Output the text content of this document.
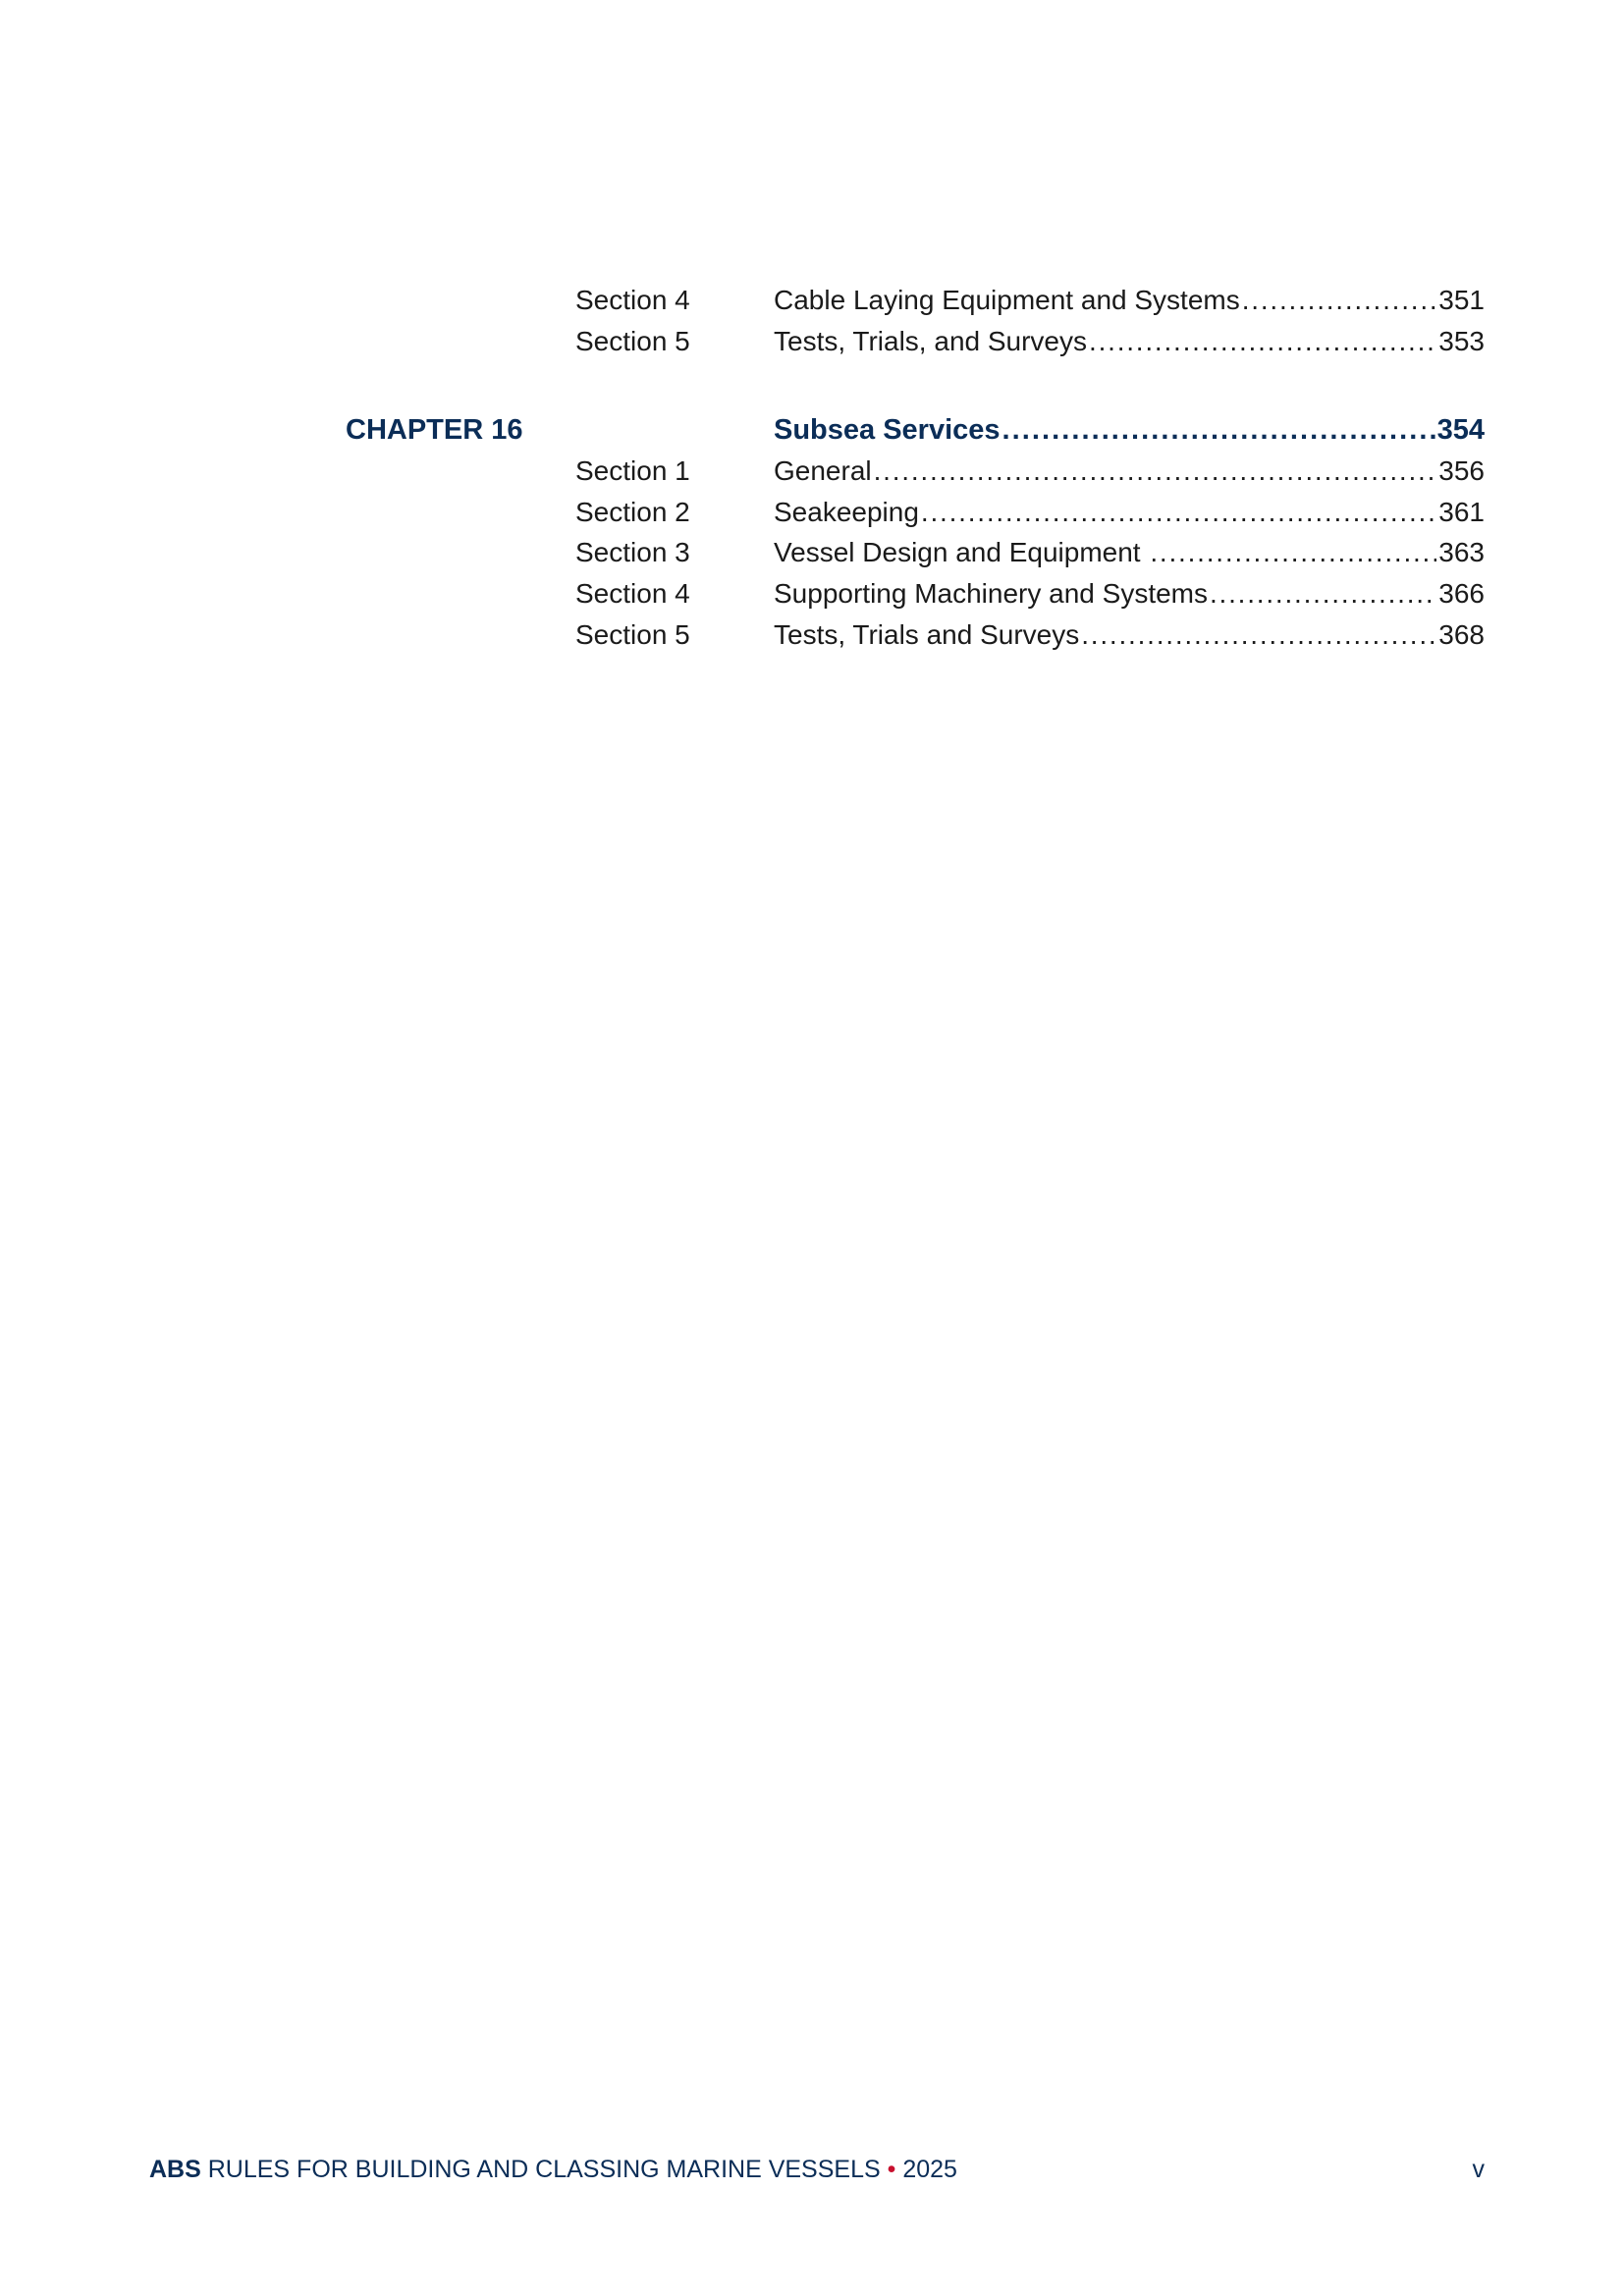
Section 4	Cable Laying Equipment and Systems . . .	351
Section 5	Tests, Trials, and Surveys . . .	353
CHAPTER 16	Subsea Services . . .	354
Section 1	General . . .	356
Section 2	Seakeeping . . .	361
Section 3	Vessel Design and Equipment . . .	363
Section 4	Supporting Machinery and Systems . . .	366
Section 5	Tests, Trials and Surveys . . .	368
ABS RULES FOR BUILDING AND CLASSING MARINE VESSELS • 2025	v
